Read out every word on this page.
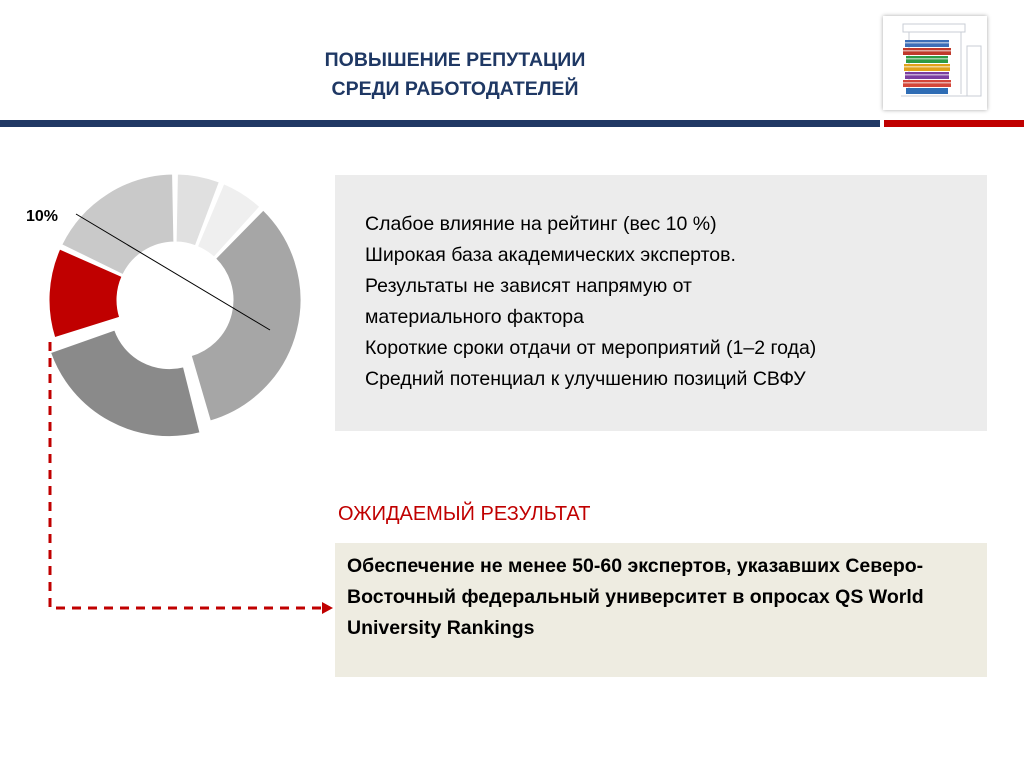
ПОВЫШЕНИЕ РЕПУТАЦИИ
СРЕДИ РАБОТОДАТЕЛЕЙ
10%	Слабое влияние на рейтинг (вес 10 %)
Широкая база академических экспертов.
Результаты не зависят напрямую от
материального фактора
Короткие сроки отдачи от мероприятий (1–2 года)
Средний потенциал к улучшению позиций СВФУ
ОЖИДАЕМЫЙ РЕЗУЛЬТАТ
Обеспечение не менее 50-60 экспертов, указавших Северо-Восточный федеральный университет в опросах QS World University Rankings
